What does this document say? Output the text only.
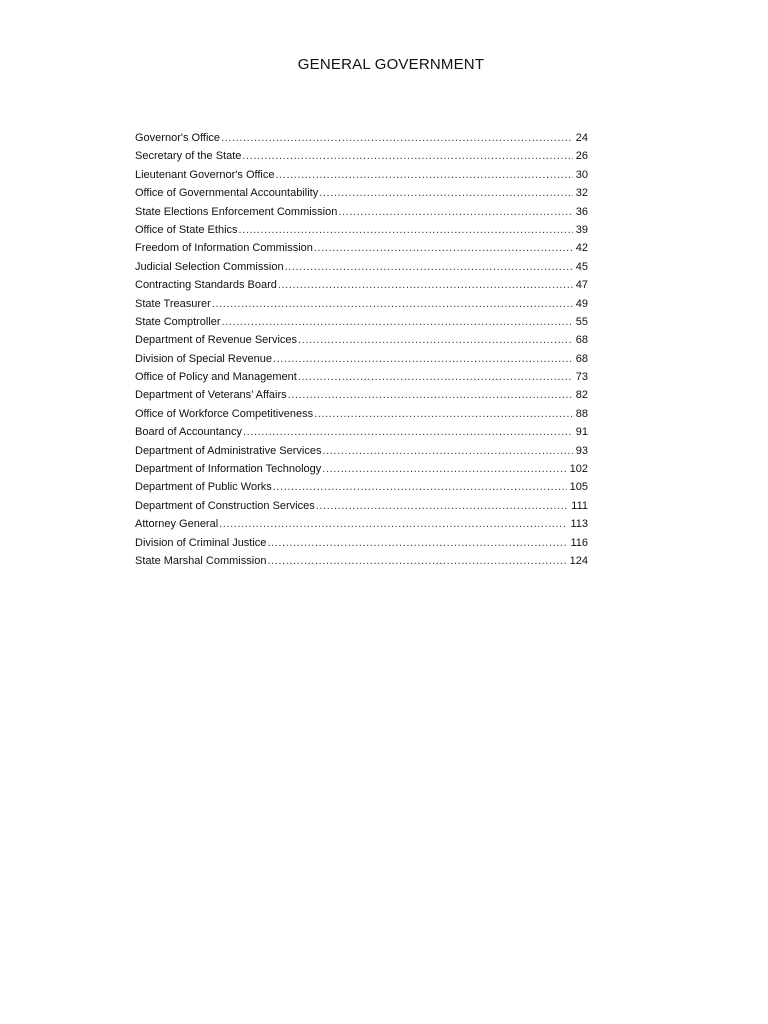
GENERAL GOVERNMENT
Governor's Office .....	24
Secretary of the State .....	26
Lieutenant Governor's Office .....	30
Office of Governmental Accountability .....	32
State Elections Enforcement Commission .....	36
Office of State Ethics .....	39
Freedom of Information Commission .....	42
Judicial Selection Commission .....	45
Contracting Standards Board .....	47
State Treasurer .....	49
State Comptroller .....	55
Department of Revenue Services .....	68
Division of Special Revenue .....	68
Office of Policy and Management .....	73
Department of Veterans’ Affairs .....	82
Office of Workforce Competitiveness .....	88
Board of Accountancy .....	91
Department of Administrative Services .....	93
Department of Information Technology .....	102
Department of Public Works .....	105
Department of Construction Services .....	111
Attorney General .....	113
Division of Criminal Justice .....	116
State Marshal Commission .....	124
